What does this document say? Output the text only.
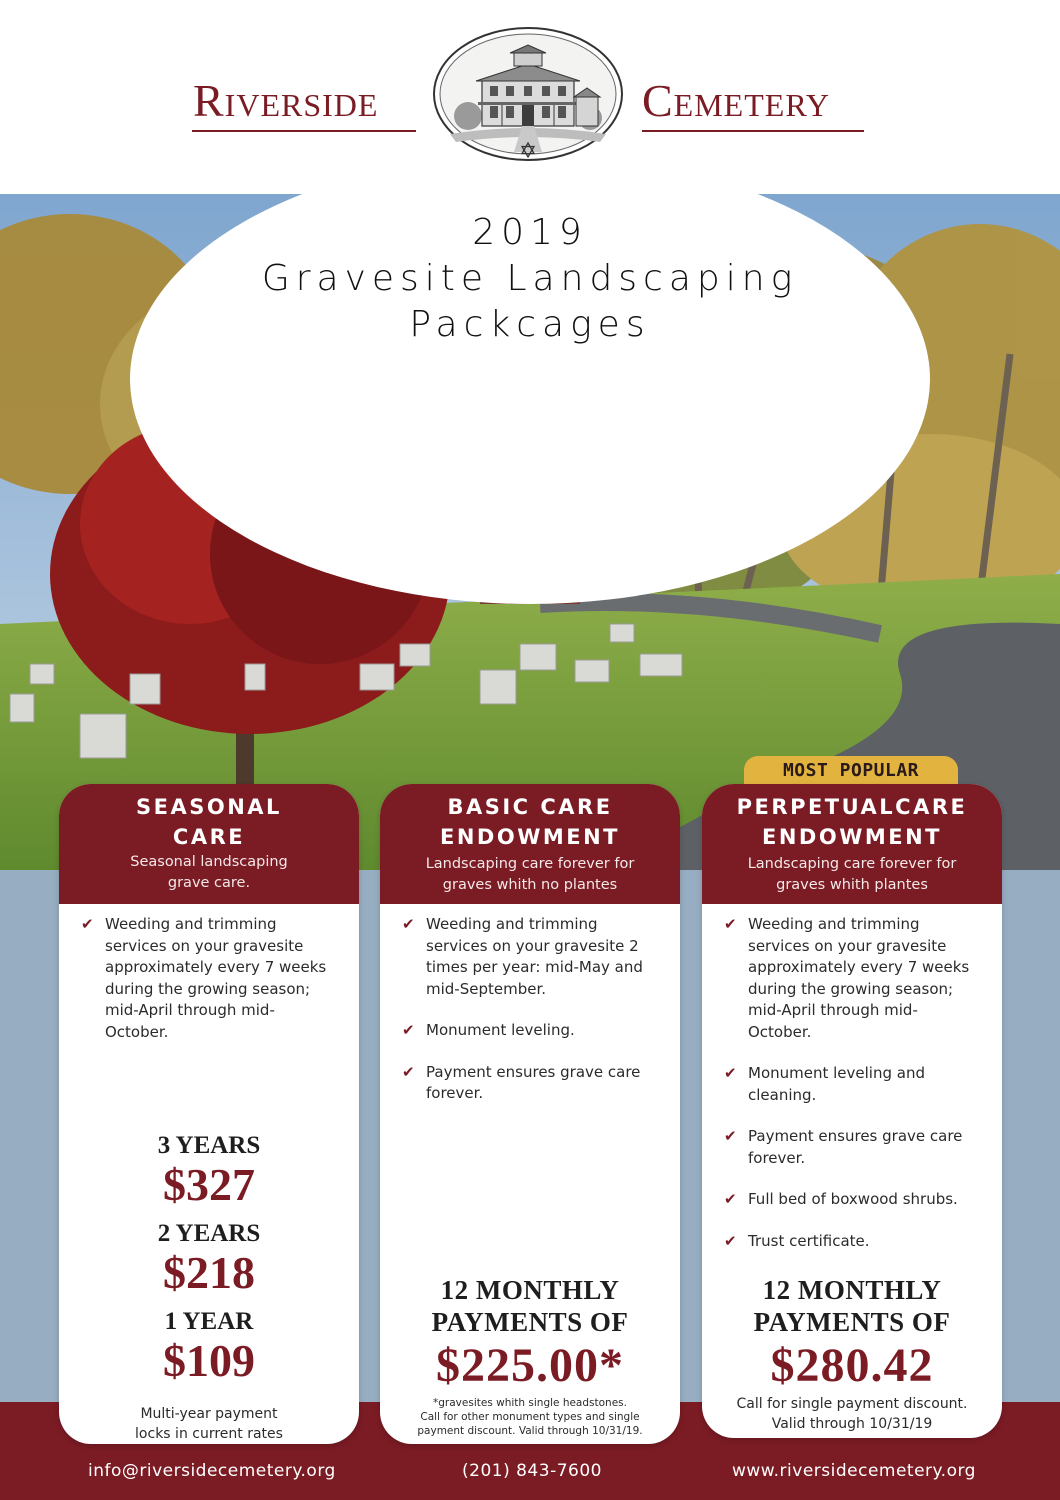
Riverside	Cemetery
2019
Gravesite Landscaping
Packcages
SEASONAL
CARE
Seasonal landscaping
grave care.
✔ Weeding and trimming services on your gravesite approximately every 7 weeks during the growing season; mid-April through mid-October.
3 YEARS
$327
2 YEARS
$218
1 YEAR
$109
Multi-year payment
locks in current rates
BASIC CARE
ENDOWMENT
Landscaping care forever for
graves whith no plantes
✔ Weeding and trimming services on your gravesite 2 times per year: mid-May and mid-September.
✔ Monument leveling.
✔ Payment ensures grave care forever.
12 MONTHLY
PAYMENTS OF
$225.00*
*gravesites whith single headstones.
Call for other monument types and single
payment discount. Valid through 10/31/19.
MOST POPULAR
PERPETUALCARE
ENDOWMENT
Landscaping care forever for
graves whith plantes
✔ Weeding and trimming services on your gravesite approximately every 7 weeks during the growing season; mid-April through mid-October.
✔ Monument leveling and cleaning.
✔ Payment ensures grave care forever.
✔ Full bed of boxwood shrubs.
✔ Trust certificate.
12 MONTHLY
PAYMENTS OF
$280.42
Call for single payment discount.
Valid through 10/31/19
info@riversidecemetery.org	(201) 843-7600	www.riversidecemetery.org
